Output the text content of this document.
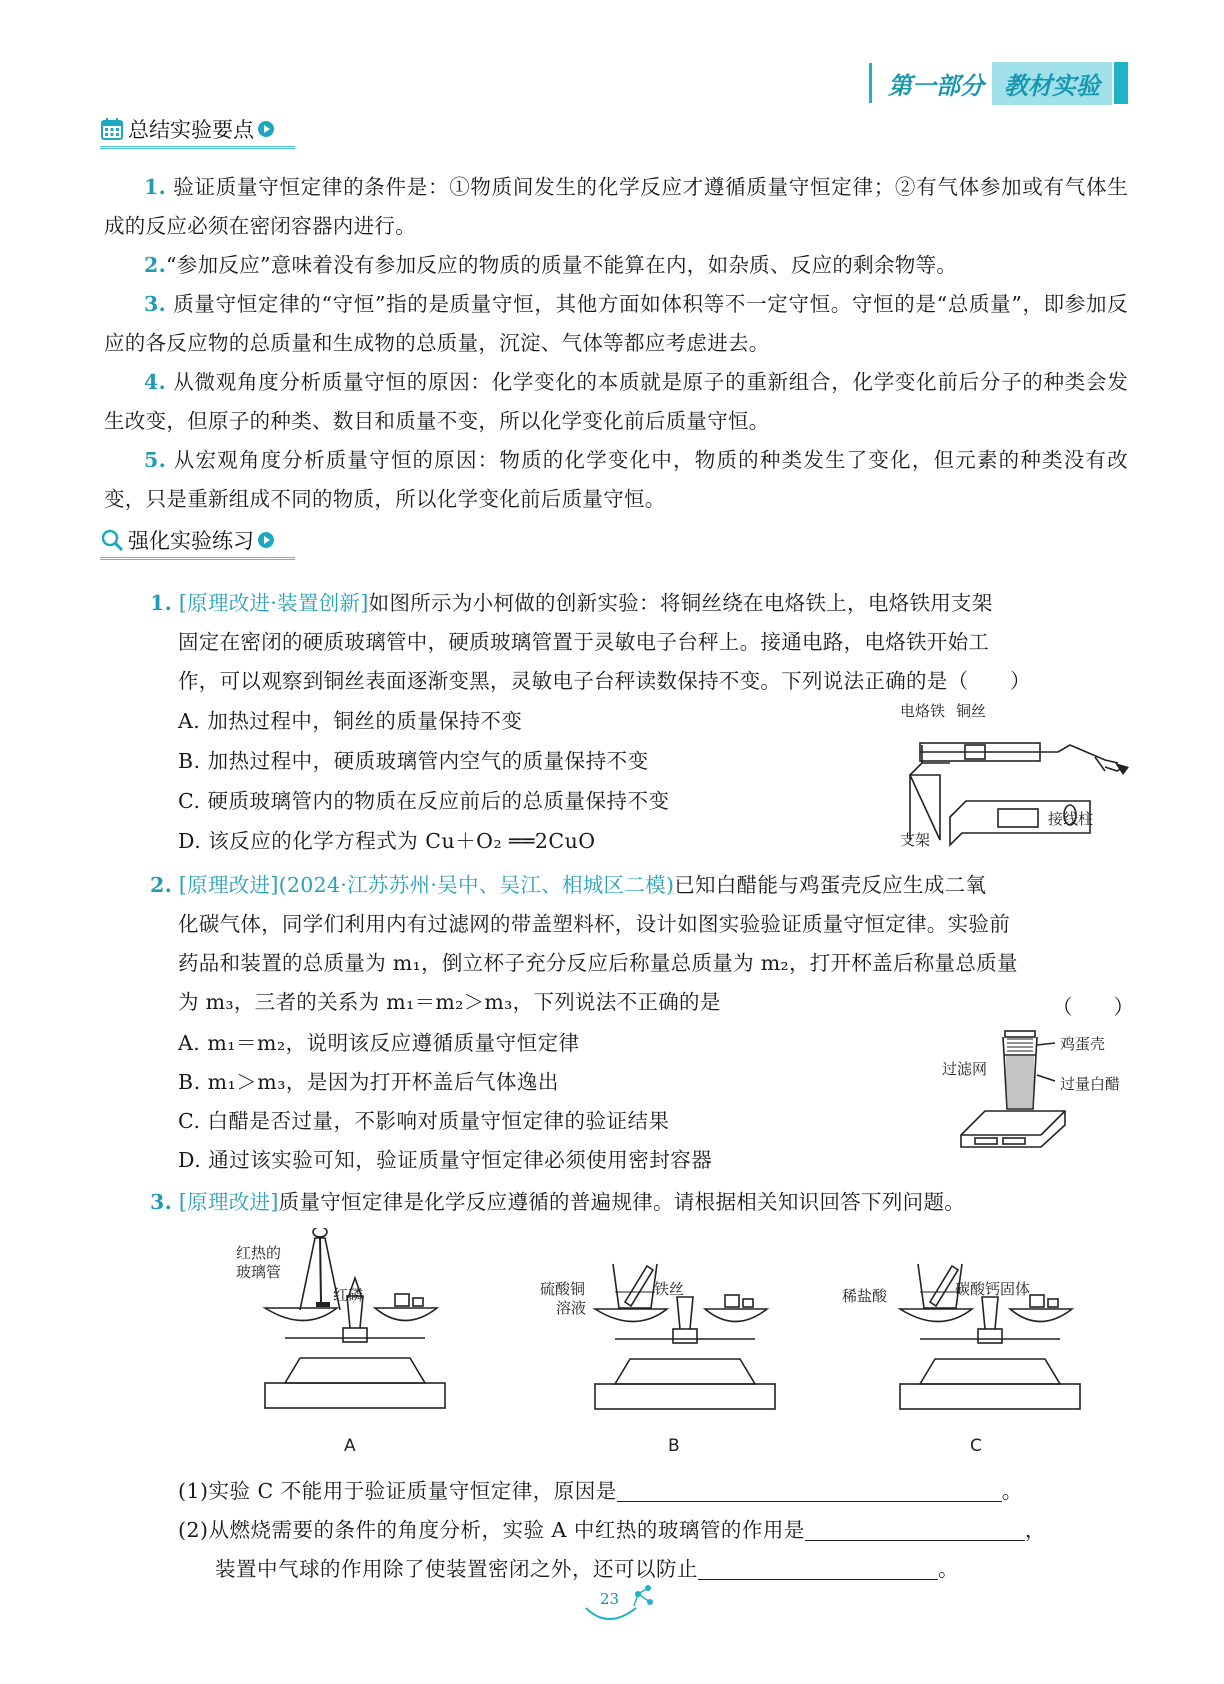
第一部分 教材实验
总结实验要点
1. 验证质量守恒定律的条件是：①物质间发生的化学反应才遵循质量守恒定律；②有气体参加或有气体生成的反应必须在密闭容器内进行。
2.“参加反应”意味着没有参加反应的物质的质量不能算在内，如杂质、反应的剩余物等。
3. 质量守恒定律的“守恒”指的是质量守恒，其他方面如体积等不一定守恒。守恒的是“总质量”，即参加反应的各反应物的总质量和生成物的总质量，沉淀、气体等都应考虑进去。
4. 从微观角度分析质量守恒的原因：化学变化的本质就是原子的重新组合，化学变化前后分子的种类会发生改变，但原子的种类、数目和质量不变，所以化学变化前后质量守恒。
5. 从宏观角度分析质量守恒的原因：物质的化学变化中，物质的种类发生了变化，但元素的种类没有改变，只是重新组成不同的物质，所以化学变化前后质量守恒。
强化实验练习
1. [原理改进·装置创新]如图所示为小柯做的创新实验：将铜丝绕在电烙铁上，电烙铁用支架
固定在密闭的硬质玻璃管中，硬质玻璃管置于灵敏电子台秤上。接通电路，电烙铁开始工
作，可以观察到铜丝表面逐渐变黑，灵敏电子台秤读数保持不变。下列说法正确的是（　　）
A. 加热过程中，铜丝的质量保持不变
B. 加热过程中，硬质玻璃管内空气的质量保持不变
C. 硬质玻璃管内的物质在反应前后的总质量保持不变
D. 该反应的化学方程式为 Cu＋O₂ ══2CuO
电烙铁 铜丝
接线柱
支架
2. [原理改进](2024·江苏苏州·吴中、吴江、相城区二模)已知白醋能与鸡蛋壳反应生成二氧
化碳气体，同学们利用内有过滤网的带盖塑料杯，设计如图实验验证质量守恒定律。实验前
药品和装置的总质量为 m₁，倒立杯子充分反应后称量总质量为 m₂，打开杯盖后称量总质量
为 m₃，三者的关系为 m₁＝m₂＞m₃，下列说法不正确的是	（　　）
A. m₁＝m₂，说明该反应遵循质量守恒定律
B. m₁＞m₃，是因为打开杯盖后气体逸出
C. 白醋是否过量，不影响对质量守恒定律的验证结果
D. 通过该实验可知，验证质量守恒定律必须使用密封容器
鸡蛋壳
过滤网
过量白醋
3. [原理改进]质量守恒定律是化学反应遵循的普遍规律。请根据相关知识回答下列问题。
红热的
玻璃管
红磷
A
硫酸铜
溶液
铁丝
B
稀盐酸	碳酸钙固体
C
(1)实验 C 不能用于验证质量守恒定律，原因是	。
(2)从燃烧需要的条件的角度分析，实验 A 中红热的玻璃管的作用是	，
装置中气球的作用除了使装置密闭之外，还可以防止	。
23
